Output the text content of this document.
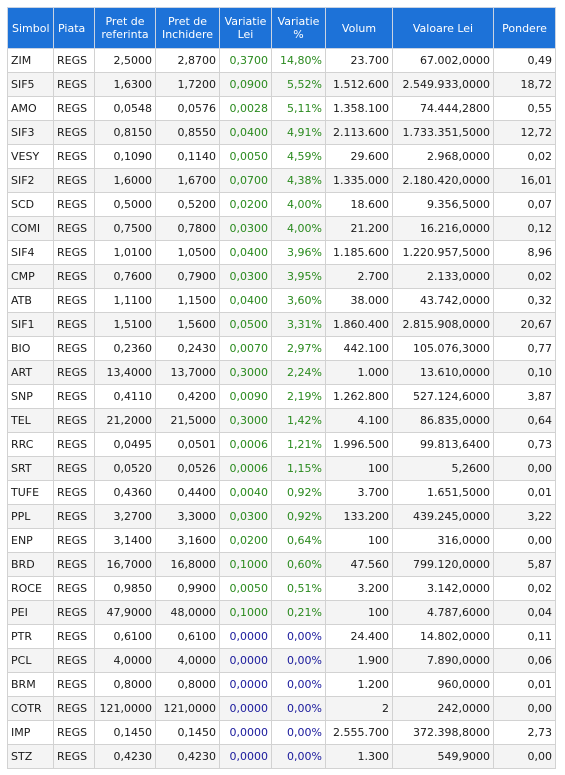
Simbol	Piata	Pret de referinta	Pret de Inchidere	Variatie Lei	Variatie %	Volum	Valoare Lei	Pondere
ZIM	REGS	2,5000	2,8700	0,3700	14,80%	23.700	67.002,0000	0,49
SIF5	REGS	1,6300	1,7200	0,0900	5,52%	1.512.600	2.549.933,0000	18,72
AMO	REGS	0,0548	0,0576	0,0028	5,11%	1.358.100	74.444,2800	0,55
SIF3	REGS	0,8150	0,8550	0,0400	4,91%	2.113.600	1.733.351,5000	12,72
VESY	REGS	0,1090	0,1140	0,0050	4,59%	29.600	2.968,0000	0,02
SIF2	REGS	1,6000	1,6700	0,0700	4,38%	1.335.000	2.180.420,0000	16,01
SCD	REGS	0,5000	0,5200	0,0200	4,00%	18.600	9.356,5000	0,07
COMI	REGS	0,7500	0,7800	0,0300	4,00%	21.200	16.216,0000	0,12
SIF4	REGS	1,0100	1,0500	0,0400	3,96%	1.185.600	1.220.957,5000	8,96
CMP	REGS	0,7600	0,7900	0,0300	3,95%	2.700	2.133,0000	0,02
ATB	REGS	1,1100	1,1500	0,0400	3,60%	38.000	43.742,0000	0,32
SIF1	REGS	1,5100	1,5600	0,0500	3,31%	1.860.400	2.815.908,0000	20,67
BIO	REGS	0,2360	0,2430	0,0070	2,97%	442.100	105.076,3000	0,77
ART	REGS	13,4000	13,7000	0,3000	2,24%	1.000	13.610,0000	0,10
SNP	REGS	0,4110	0,4200	0,0090	2,19%	1.262.800	527.124,6000	3,87
TEL	REGS	21,2000	21,5000	0,3000	1,42%	4.100	86.835,0000	0,64
RRC	REGS	0,0495	0,0501	0,0006	1,21%	1.996.500	99.813,6400	0,73
SRT	REGS	0,0520	0,0526	0,0006	1,15%	100	5,2600	0,00
TUFE	REGS	0,4360	0,4400	0,0040	0,92%	3.700	1.651,5000	0,01
PPL	REGS	3,2700	3,3000	0,0300	0,92%	133.200	439.245,0000	3,22
ENP	REGS	3,1400	3,1600	0,0200	0,64%	100	316,0000	0,00
BRD	REGS	16,7000	16,8000	0,1000	0,60%	47.560	799.120,0000	5,87
ROCE	REGS	0,9850	0,9900	0,0050	0,51%	3.200	3.142,0000	0,02
PEI	REGS	47,9000	48,0000	0,1000	0,21%	100	4.787,6000	0,04
PTR	REGS	0,6100	0,6100	0,0000	0,00%	24.400	14.802,0000	0,11
PCL	REGS	4,0000	4,0000	0,0000	0,00%	1.900	7.890,0000	0,06
BRM	REGS	0,8000	0,8000	0,0000	0,00%	1.200	960,0000	0,01
COTR	REGS	121,0000	121,0000	0,0000	0,00%	2	242,0000	0,00
IMP	REGS	0,1450	0,1450	0,0000	0,00%	2.555.700	372.398,8000	2,73
STZ	REGS	0,4230	0,4230	0,0000	0,00%	1.300	549,9000	0,00
